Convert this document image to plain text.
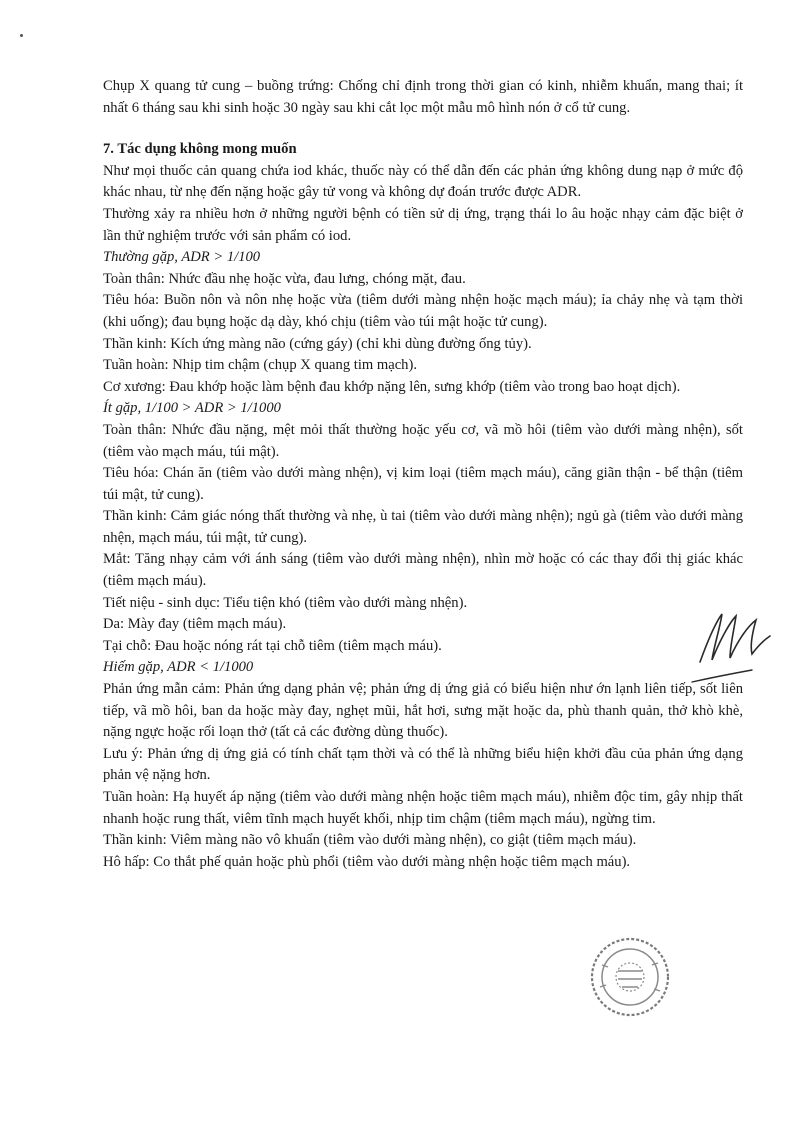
Chụp X quang tử cung – buồng trứng: Chống chỉ định trong thời gian có kinh, nhiễm khuẩn, mang thai; ít nhất 6 tháng sau khi sinh hoặc 30 ngày sau khi cắt lọc một mẫu mô hình nón ở cổ tử cung.

7. Tác dụng không mong muốn

Như mọi thuốc cản quang chứa iod khác, thuốc này có thể dẫn đến các phản ứng không dung nạp ở mức độ khác nhau, từ nhẹ đến nặng hoặc gây tử vong và không dự đoán trước được ADR.

Thường xảy ra nhiều hơn ở những người bệnh có tiền sử dị ứng, trạng thái lo âu hoặc nhạy cảm đặc biệt ở lần thử nghiệm trước với sản phẩm có iod.

Thường gặp, ADR > 1/100

Toàn thân: Nhức đầu nhẹ hoặc vừa, đau lưng, chóng mặt, đau.

Tiêu hóa: Buồn nôn và nôn nhẹ hoặc vừa (tiêm dưới màng nhện hoặc mạch máu); ỉa chảy nhẹ và tạm thời (khi uống); đau bụng hoặc dạ dày, khó chịu (tiêm vào túi mật hoặc tử cung).

Thần kinh: Kích ứng màng não (cứng gáy) (chỉ khi dùng đường ống tủy).

Tuần hoàn: Nhịp tim chậm (chụp X quang tim mạch).

Cơ xương: Đau khớp hoặc làm bệnh đau khớp nặng lên, sưng khớp (tiêm vào trong bao hoạt dịch).

Ít gặp, 1/100 > ADR > 1/1000

Toàn thân: Nhức đầu nặng, mệt mỏi thất thường hoặc yếu cơ, vã mồ hôi (tiêm vào dưới màng nhện), sốt (tiêm vào mạch máu, túi mật).

Tiêu hóa: Chán ăn (tiêm vào dưới màng nhện), vị kim loại (tiêm mạch máu), căng giãn thận - bể thận (tiêm túi mật, tử cung).

Thần kinh: Cảm giác nóng thất thường và nhẹ, ù tai (tiêm vào dưới màng nhện); ngủ gà (tiêm vào dưới màng nhện, mạch máu, túi mật, tử cung).

Mắt: Tăng nhạy cảm với ánh sáng (tiêm vào dưới màng nhện), nhìn mờ hoặc có các thay đổi thị giác khác (tiêm mạch máu).

Tiết niệu - sinh dục: Tiểu tiện khó (tiêm vào dưới màng nhện).

Da: Mày đay (tiêm mạch máu).

Tại chỗ: Đau hoặc nóng rát tại chỗ tiêm (tiêm mạch máu).

Hiếm gặp, ADR < 1/1000

Phản ứng mẫn cảm: Phản ứng dạng phản vệ; phản ứng dị ứng giả có biểu hiện như ớn lạnh liên tiếp, sốt liên tiếp, vã mồ hôi, ban da hoặc mày đay, nghẹt mũi, hắt hơi, sưng mặt hoặc da, phù thanh quản, thở khò khè, nặng ngực hoặc rối loạn thở (tất cả các đường dùng thuốc).

Lưu ý: Phản ứng dị ứng giả có tính chất tạm thời và có thể là những biểu hiện khởi đầu của phản ứng dạng phản vệ nặng hơn.

Tuần hoàn: Hạ huyết áp nặng (tiêm vào dưới màng nhện hoặc tiêm mạch máu), nhiễm độc tim, gây nhịp thất nhanh hoặc rung thất, viêm tĩnh mạch huyết khối, nhịp tim chậm (tiêm mạch máu), ngừng tim.

Thần kinh: Viêm màng não vô khuẩn (tiêm vào dưới màng nhện), co giật (tiêm mạch máu).

Hô hấp: Co thắt phế quản hoặc phù phổi (tiêm vào dưới màng nhện hoặc tiêm mạch máu).
